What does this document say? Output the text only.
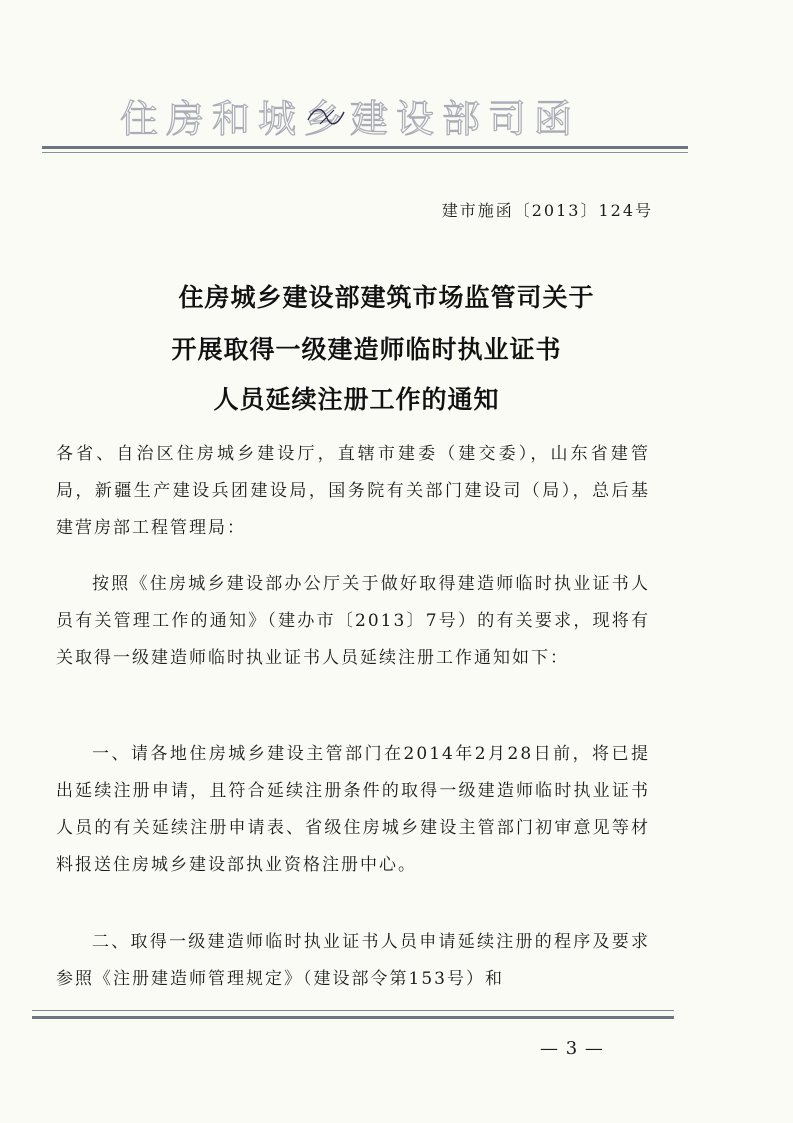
住房和城乡建设部司函
建市施函〔2013〕124号
住房城乡建设部建筑市场监管司关于
开展取得一级建造师临时执业证书
人员延续注册工作的通知

各省、自治区住房城乡建设厅，直辖市建委（建交委），山东省建管局，新疆生产建设兵团建设局，国务院有关部门建设司（局），总后基建营房部工程管理局：

按照《住房城乡建设部办公厅关于做好取得建造师临时执业证书人员有关管理工作的通知》（建办市〔2013〕7号）的有关要求，现将有关取得一级建造师临时执业证书人员延续注册工作通知如下：

一、请各地住房城乡建设主管部门在2014年2月28日前，将已提出延续注册申请，且符合延续注册条件的取得一级建造师临时执业证书人员的有关延续注册申请表、省级住房城乡建设主管部门初审意见等材料报送住房城乡建设部执业资格注册中心。

二、取得一级建造师临时执业证书人员申请延续注册的程序及要求参照《注册建造师管理规定》（建设部令第153号）和

— 3 —
